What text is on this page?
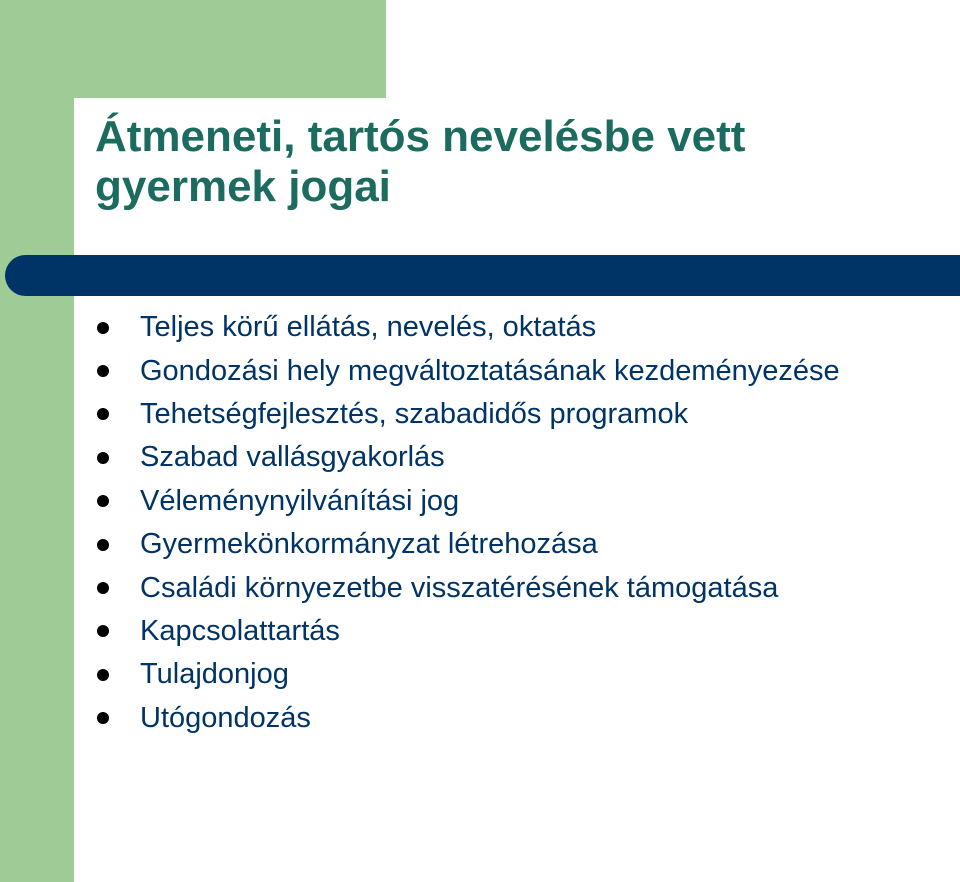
Átmeneti, tartós nevelésbe vett
gyermek jogai
Teljes körű ellátás, nevelés, oktatás
Gondozási hely megváltoztatásának kezdeményezése
Tehetségfejlesztés, szabadidős programok
Szabad vallásgyakorlás
Véleménynyilvánítási jog
Gyermekönkormányzat létrehozása
Családi környezetbe visszatérésének támogatása
Kapcsolattartás
Tulajdonjog
Utógondozás
